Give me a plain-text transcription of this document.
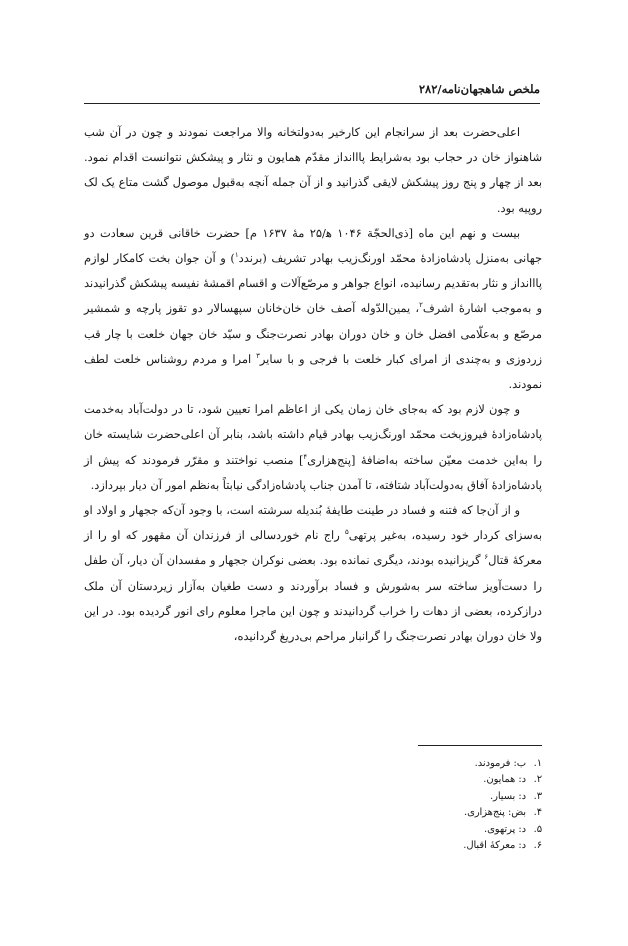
ملخص شاهجهان‌نامه/۲۸۲

اعلی‌حضرت بعد از سرانجام این کارخیر به‌دولتخانه والا مراجعت نمودند و چون در آن شب شاهنواز خان در حجاب بود به‌شرایط پااانداز مقدّم همایون و نثار و پیشکش نتوانست اقدام نمود. بعد از چهار و پنج روز پیشکش لایقی گذرانید و از آن جمله آنچه به‌قبول موصول گشت متاع یک لک روپیه بود.

بیست و نهم این ماه [ذی‌الحجّة ۱۰۴۶ ﻫ/۲۵ مۀ ۱۶۳۷ م] حضرت خاقانی قرین سعادت دو جهانی به‌منزل پادشاه‌زادۀ محمّد اورنگ‌زیب بهادر تشریف (برندد$^۱$) و آن جوان بخت کامکار لوازم پااانداز و نثار به‌تقدیم رسانیده، انواع جواهر و مرصّع‌آلات و اقسام اقمشۀ نفیسه پیشکش گذرانیدند و به‌موجب اشارۀ اشرف$^۲$، یمین‌الدّوله آصف خان خان‌خانان سپهسالار دو تقوز پارچه و شمشیر مرصّع و به‌علّامی افضل خان و خان دوران بهادر نصرت‌جنگ و سیّد خان جهان خلعت با چار قب زردوزی و به‌چندی از امرای کبار خلعت با فرجی و با سایر$^۳$ امرا و مردم روشناس خلعت لطف نمودند.

و چون لازم بود که به‌جای خان زمان یکی از اعاظم امرا تعیین شود، تا در دولت‌آباد به‌خدمت پادشاه‌زادۀ فیروزبخت محمّد اورنگ‌زیب بهادر قیام داشته باشد، بنابر آن اعلی‌حضرت شایسته خان را به‌این خدمت معیّن ساخته به‌اضافۀ [پنج‌هزاری$^۴$] منصب نواختند و مقرّر فرمودند که پیش از پادشاه‌زادۀ آفاق به‌دولت‌آباد شتافته، تا آمدن جناب پادشاه‌زادگی نیابتاً به‌نظم امور آن دیار بپردازد.

و از آن‌جا که فتنه و فساد در طینت طایفۀ بُندیله سرشته است، با وجود آن‌که ججهار و اولاد او به‌سزای کردار خود رسیده، به‌غیر پرتهی$^۵$ راج نام خوردسالی از فرزندان آن مقهور که او را از معرکۀ قتال$^۶$ گریزانیده بودند، دیگری نمانده بود. بعضی نوکران ججهار و مفسدان آن دیار، آن طفل را دست‌آویز ساخته سر به‌شورش و فساد برآوردند و دست طغیان به‌آزار زیردستان آن ملک درازکرده، بعضی از دهات را خراب گردانیدند و چون این ماجرا معلوم رای انور گردیده بود. در این ولا خان دوران بهادر نصرت‌جنگ را گرانبار مراحم بی‌دریغ گردانیده،

۱.ب: فرمودند.
۲.د: همایون.
۳.د: بسیار.
۴.بض: پنج‌هزاری.
۵.د: پرتهوی.
۶.د: معرکۀ اقبال.
